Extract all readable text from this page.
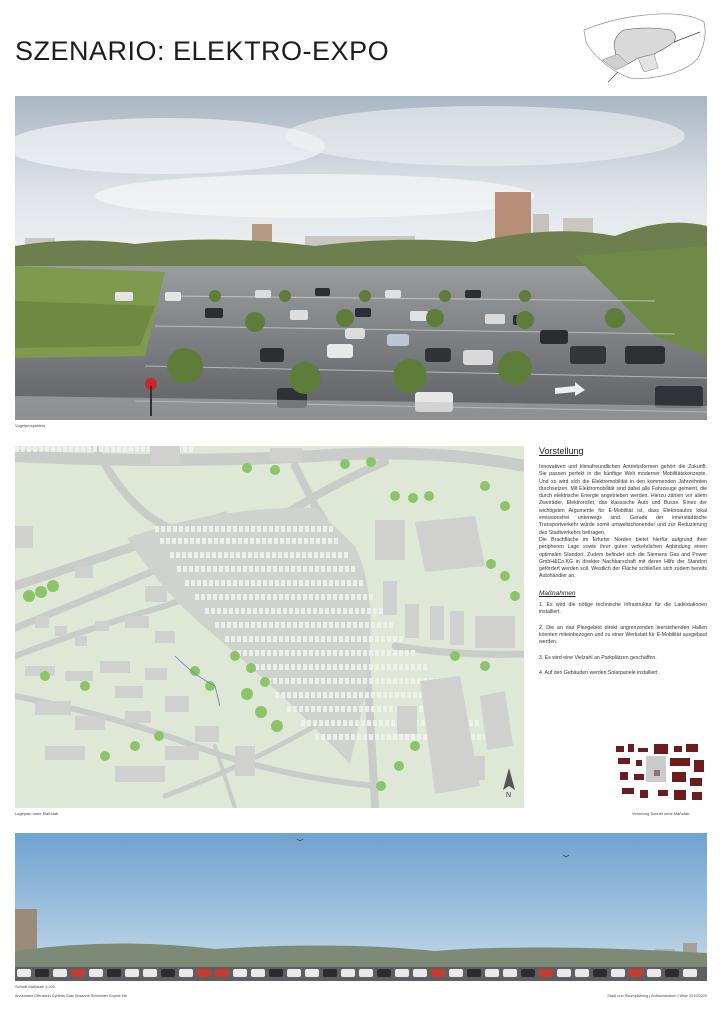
SZENARIO: ELEKTRO-EXPO
Vogelperspektive
N
Lageplan ohne Maßstab
Vorstellung

Innovativen und klimafreundlichen Antriebsformen gehört die Zukunft. Sie passen perfekt in die künftige Welt moderner Mobilitätskonzepte. Und so wird sich die Elektromobilität in den kommenden Jahrzehnten durchsetzen. Mit Elektromobilität sind dabei alle Fahrzeuge gemeint, die durch elektrische Energie angetrieben werden. Hierzu zählen vor allem Zweiräder, Elektroroller, das klassische Auto und Busse. Eines der wichtigsten Argumente für E-Mobilität ist, dass Elektroautos lokal emissionsfrei unterwegs sind. Gerade der innerstädtische Transportverkehr würde somit umweltschonender und zur Reduzierung des Stadtverkehrs beitragen.

Die Brachfläche im Erfurter Norden bietet hierfür aufgrund ihrer peripheren Lage sowie ihrer guten verkehrlichen Anbindung einen optimalen Standort. Zudem befindet sich die Siemens Gas and Power GmbH&Co.KG in direkter Nachbarschaft mit deren Hilfe der Standort gefördert werden soll. Westlich der Fläche schließen sich zudem bereits Autohändler an.

Maßnahmen
1. Es wird die nötige technische Infrastruktur für die Ladestationen installiert.
2. Die an das Plangebiet direkt angrenzenden leerstehenden Hallen könnten miteinbezogen und zu einer Werkstatt für E-Mobilität ausgebaut werden.
3. Es wird eine Vielzahl an Parkplätzen geschaffen.
4. Auf den Gebäuden werden Solarpanele installiert.
Verortung Schnitt ohne Maßstab
Schnitt Maßstab 1:200
Annemarie Ofenstein Cynthia Gast Susanne Schneider Sophie Hill	Stadt und Raumplanung | Aufbaustudium | Wise 2019/2020
